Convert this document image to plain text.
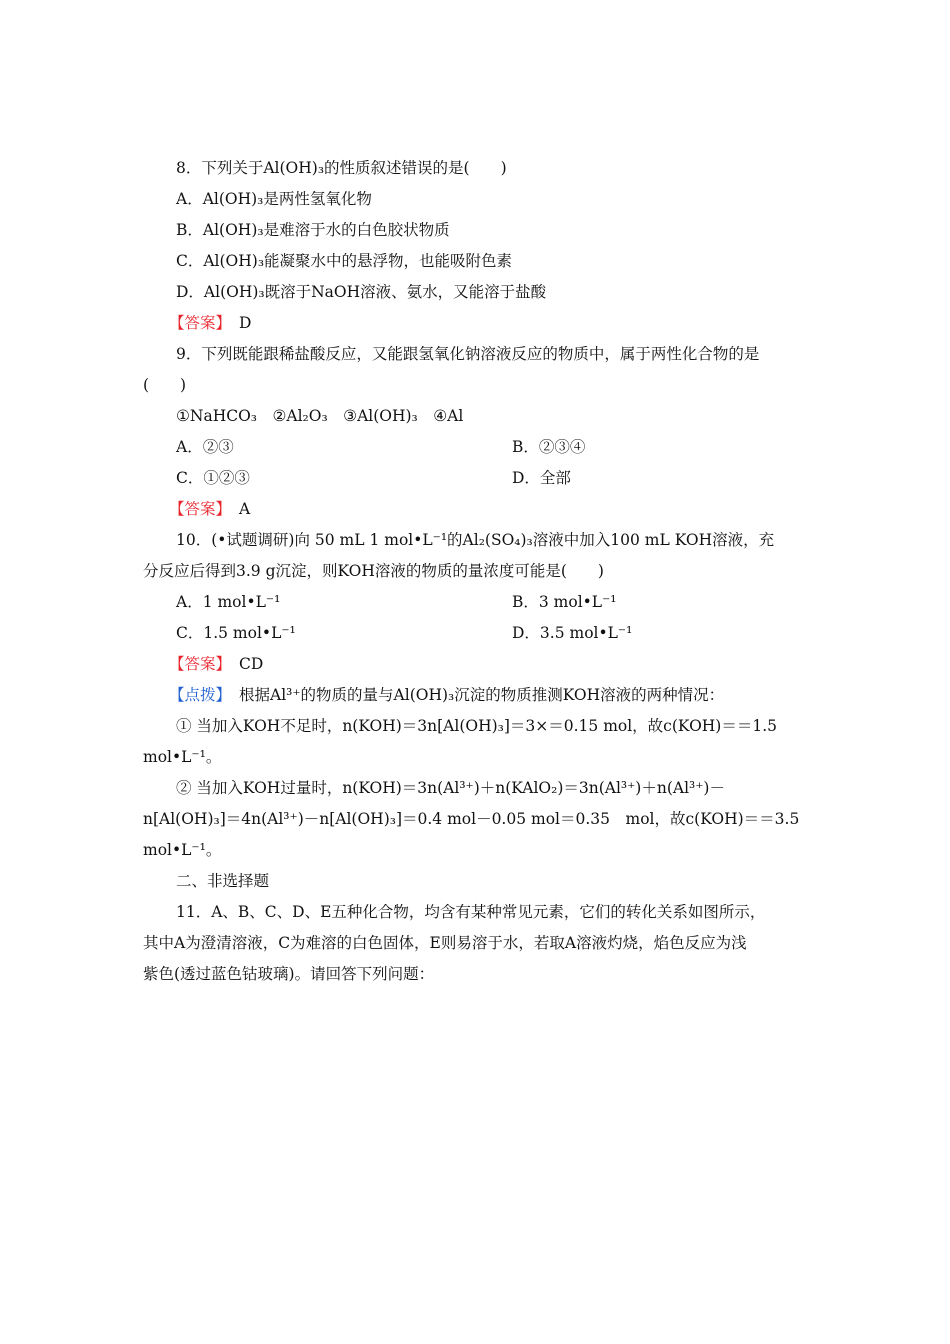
8．下列关于Al(OH)₃的性质叙述错误的是(　　)
A．Al(OH)₃是两性氢氧化物
B．Al(OH)₃是难溶于水的白色胶状物质
C．Al(OH)₃能凝聚水中的悬浮物，也能吸附色素
D．Al(OH)₃既溶于NaOH溶液、氨水，又能溶于盐酸
【答案】 D
9．下列既能跟稀盐酸反应，又能跟氢氧化钠溶液反应的物质中，属于两性化合物的是
(　　)
①NaHCO₃　②Al₂O₃　③Al(OH)₃　④Al
A．②③	B．②③④
C．①②③	D．全部
【答案】 A
10．(•试题调研)向 50 mL 1 mol•L⁻¹的Al₂(SO₄)₃溶液中加入100 mL KOH溶液，充
分反应后得到3.9 g沉淀，则KOH溶液的物质的量浓度可能是(　　)
A．1 mol•L⁻¹	B．3 mol•L⁻¹
C．1.5 mol•L⁻¹	D．3.5 mol•L⁻¹
【答案】 CD
【点拨】 根据Al³⁺的物质的量与Al(OH)₃沉淀的物质推测KOH溶液的两种情况：
① 当加入KOH不足时，n(KOH)＝3n[Al(OH)₃]＝3×＝0.15 mol，故c(KOH)＝＝1.5
mol•L⁻¹。
② 当加入KOH过量时，n(KOH)＝3n(Al³⁺)＋n(KAlO₂)＝3n(Al³⁺)＋n(Al³⁺)－
n[Al(OH)₃]＝4n(Al³⁺)－n[Al(OH)₃]＝0.4 mol－0.05 mol＝0.35　mol，故c(KOH)＝＝3.5
mol•L⁻¹。
二、非选择题
11．A、B、C、D、E五种化合物，均含有某种常见元素，它们的转化关系如图所示，
其中A为澄清溶液，C为难溶的白色固体，E则易溶于水，若取A溶液灼烧，焰色反应为浅
紫色(透过蓝色钴玻璃)。请回答下列问题：
